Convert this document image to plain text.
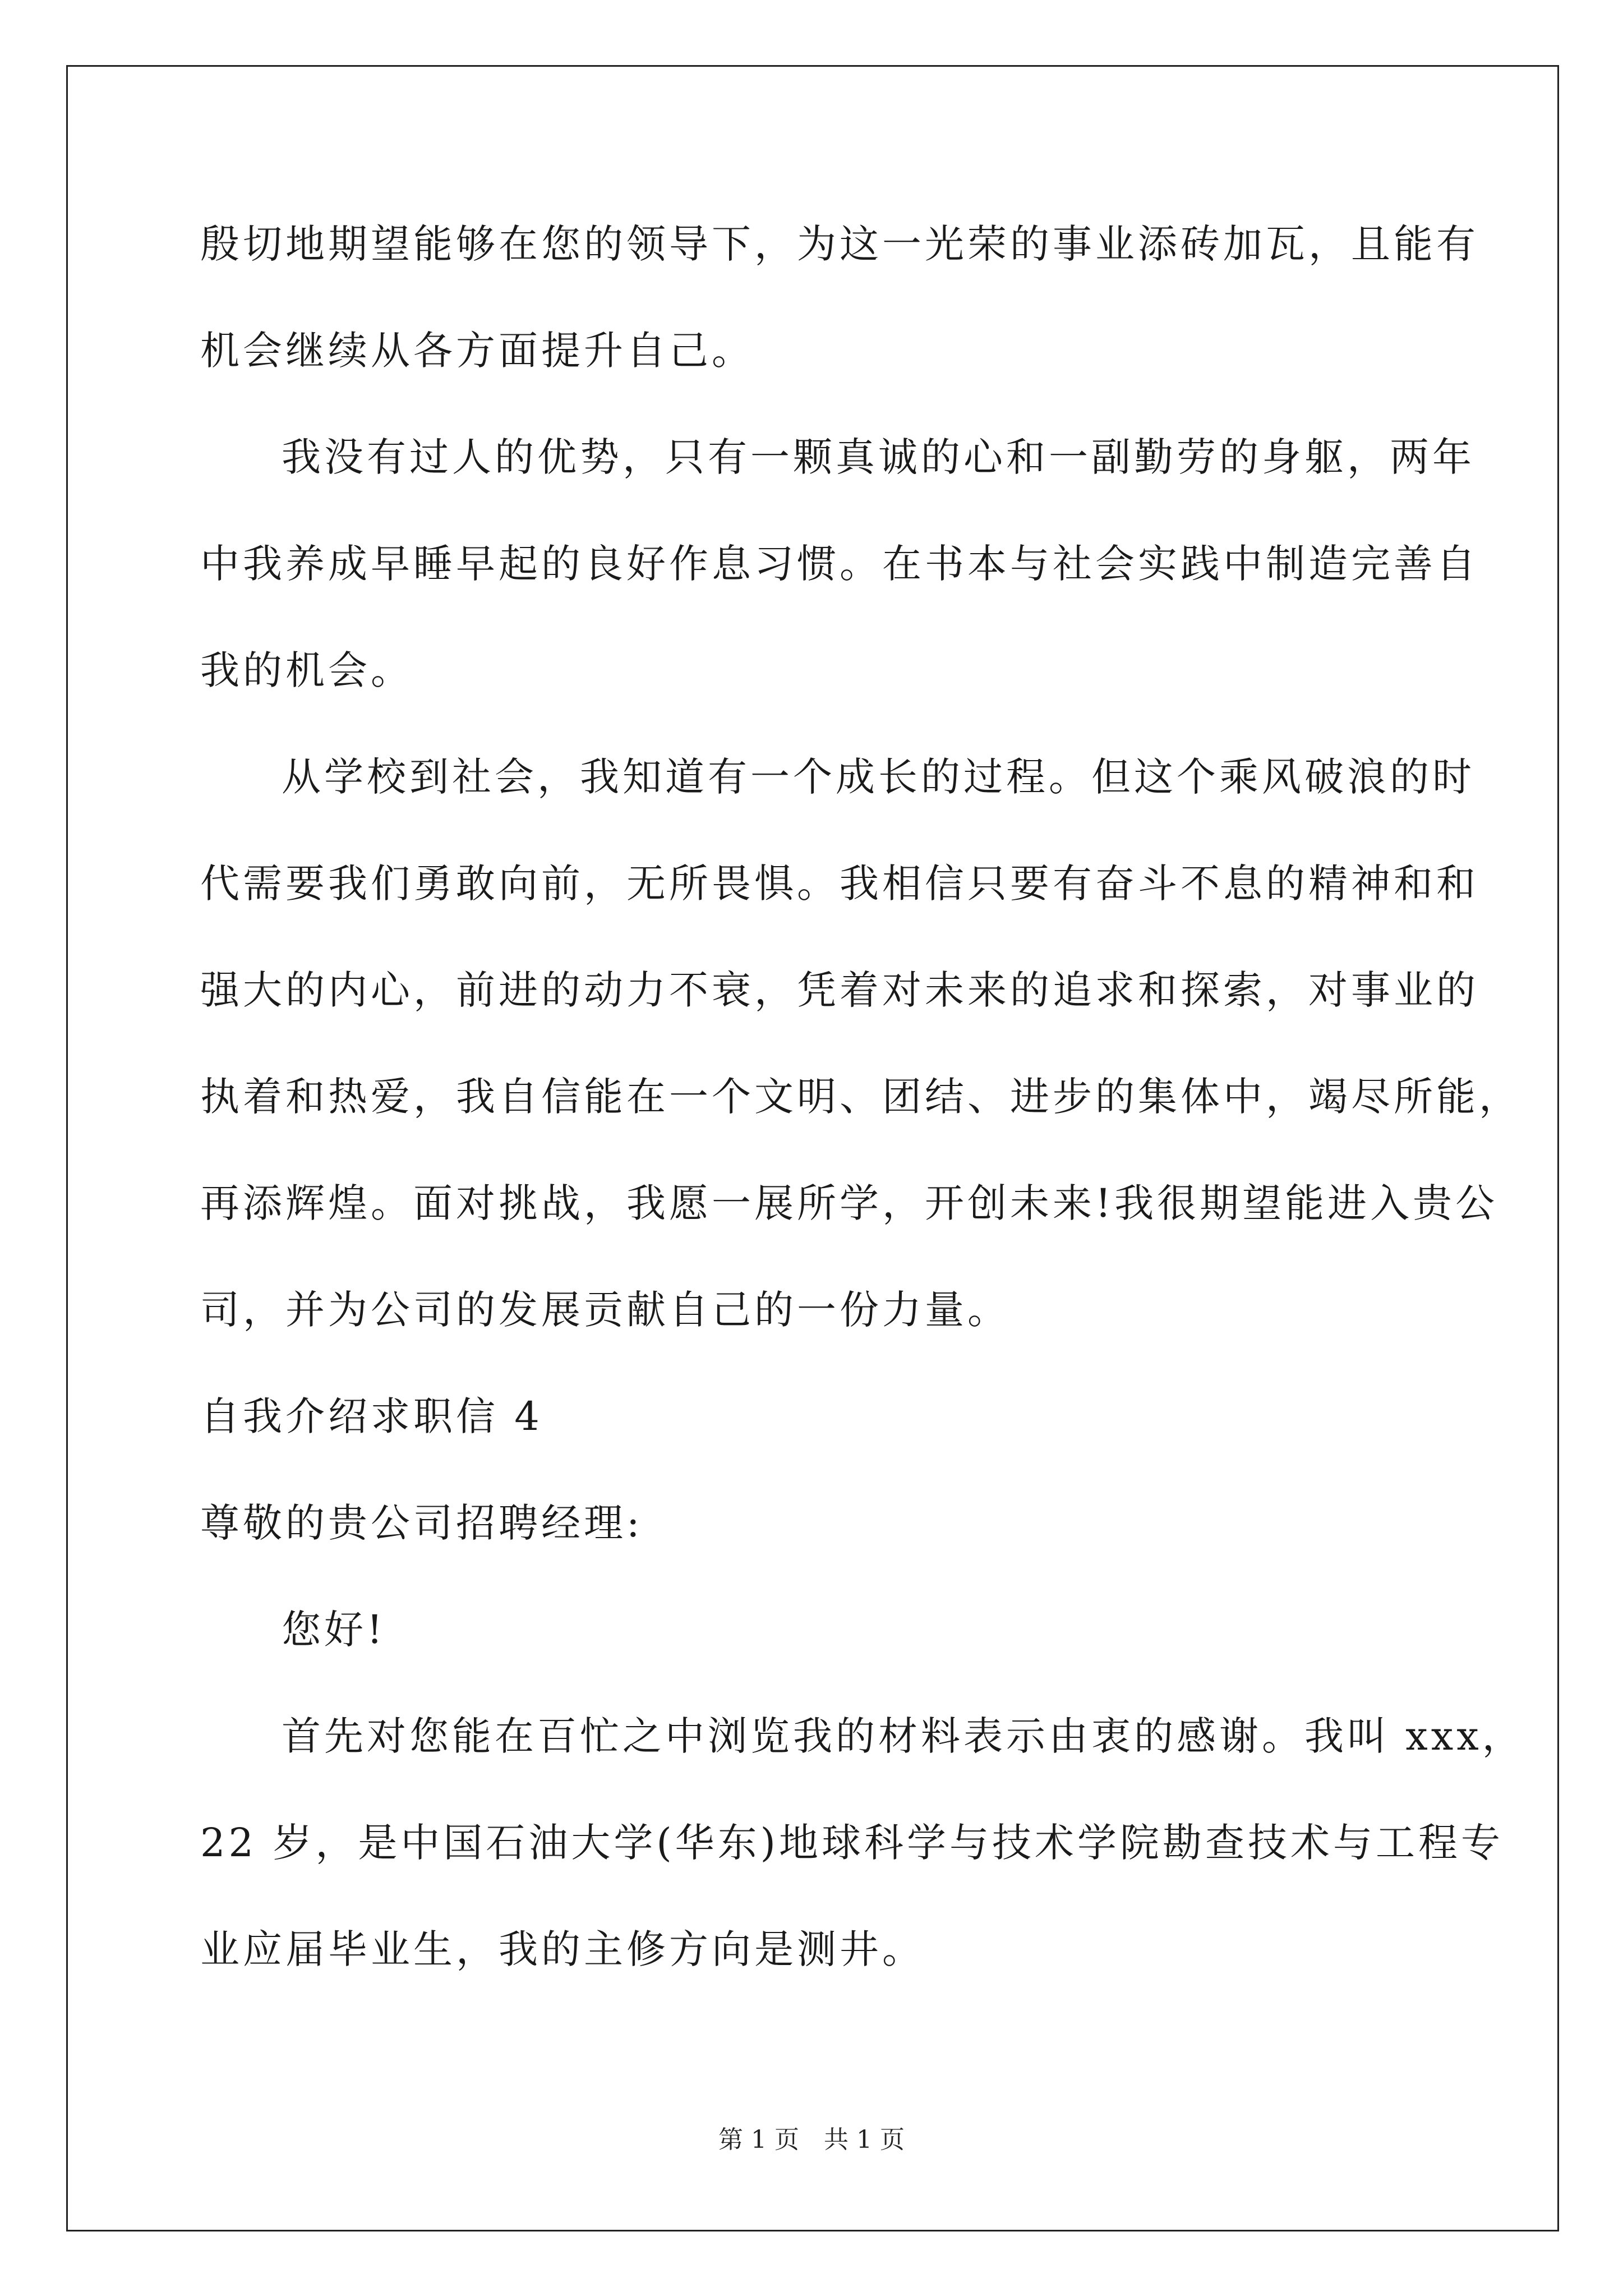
殷切地期望能够在您的领导下，为这一光荣的事业添砖加瓦，且能有
机会继续从各方面提升自己。
我没有过人的优势，只有一颗真诚的心和一副勤劳的身躯，两年
中我养成早睡早起的良好作息习惯。在书本与社会实践中制造完善自
我的机会。
从学校到社会，我知道有一个成长的过程。但这个乘风破浪的时
代需要我们勇敢向前，无所畏惧。我相信只要有奋斗不息的精神和和
强大的内心，前进的动力不衰，凭着对未来的追求和探索，对事业的
执着和热爱，我自信能在一个文明、团结、进步的集体中，竭尽所能，
再添辉煌。面对挑战，我愿一展所学，开创未来!我很期望能进入贵公
司，并为公司的发展贡献自己的一份力量。
自我介绍求职信 4
尊敬的贵公司招聘经理:
您好!
首先对您能在百忙之中浏览我的材料表示由衷的感谢。我叫 xxx，
22 岁，是中国石油大学(华东)地球科学与技术学院勘查技术与工程专
业应届毕业生，我的主修方向是测井。
第 1 页　共 1 页
